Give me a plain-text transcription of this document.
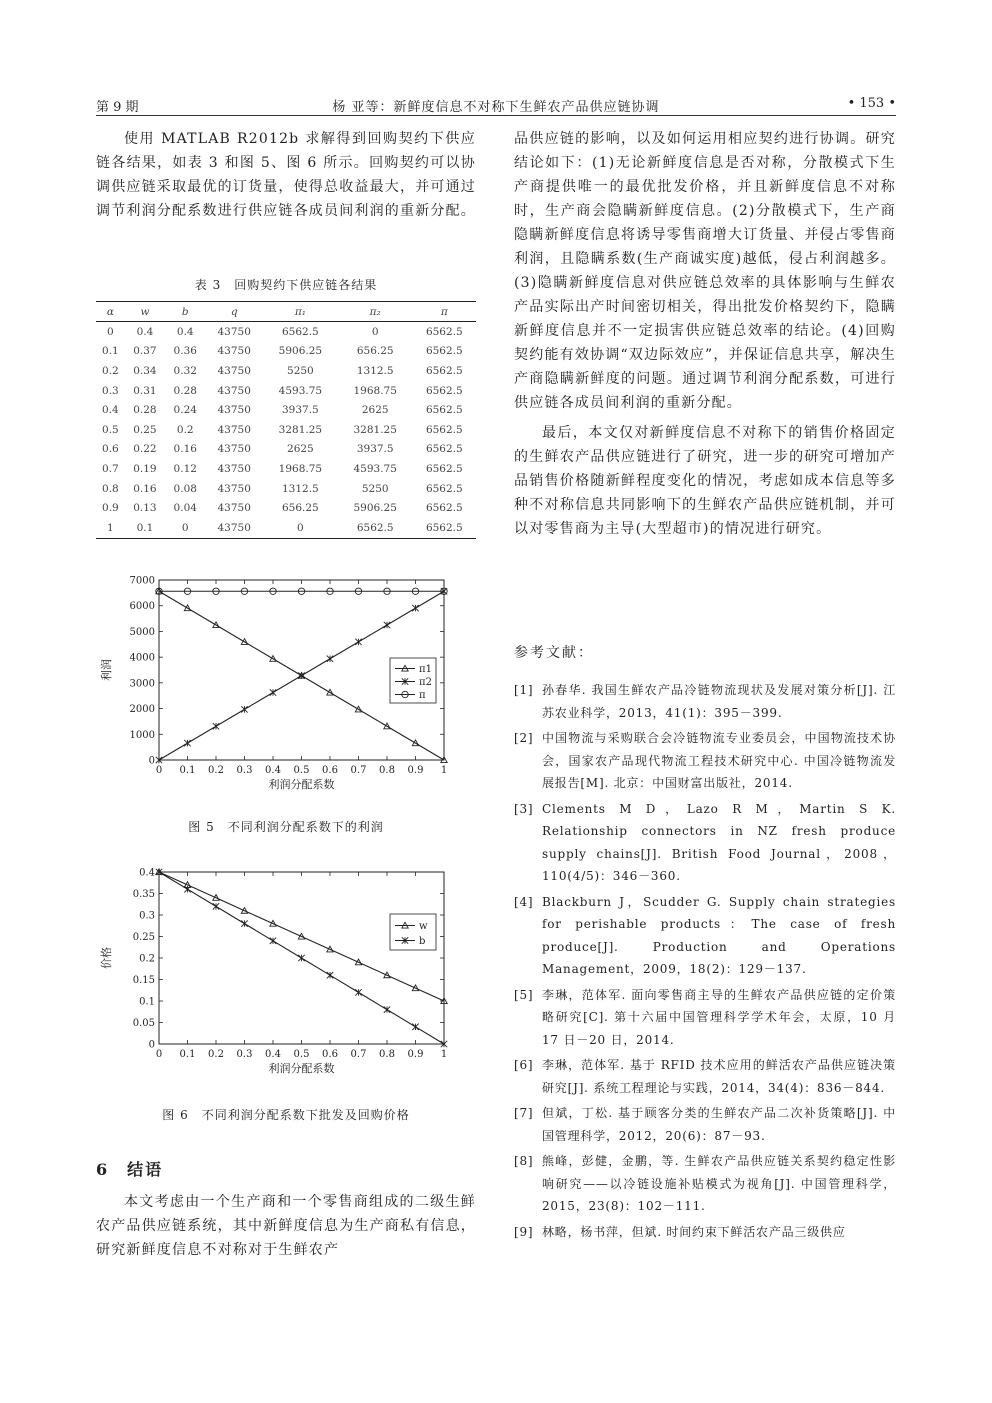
第 9 期	杨 亚等：新鲜度信息不对称下生鲜农产品供应链协调	• 153 •

使用 MATLAB R2012b 求解得到回购契约下供应链各结果，如表 3 和图 5、图 6 所示。回购契约可以协调供应链采取最优的订货量，使得总收益最大，并可通过调节利润分配系数进行供应链各成员间利润的重新分配。

表 3　回购契约下供应链各结果
α	w	b	q	π₁	π₂	π
0	0.4	0.4	43750	6562.5	0	6562.5
0.1	0.37	0.36	43750	5906.25	656.25	6562.5
0.2	0.34	0.32	43750	5250	1312.5	6562.5
0.3	0.31	0.28	43750	4593.75	1968.75	6562.5
0.4	0.28	0.24	43750	3937.5	2625	6562.5
0.5	0.25	0.2	43750	3281.25	3281.25	6562.5
0.6	0.22	0.16	43750	2625	3937.5	6562.5
0.7	0.19	0.12	43750	1968.75	4593.75	6562.5
0.8	0.16	0.08	43750	1312.5	5250	6562.5
0.9	0.13	0.04	43750	656.25	5906.25	6562.5
1	0.1	0	43750	0	6562.5	6562.5
0 0.1 0.2 0.3 0.4 0.5 0.6 0.7 0.8 0.9 1
0
1000
2000
3000
4000
5000
6000
7000
π1
π2
π
利润分配系数
利润
图 5　不同利润分配系数下的利润
0 0.1 0.2 0.3 0.4 0.5 0.6 0.7 0.8 0.9 1
0
0.05
0.1
0.15
0.2
0.25
0.3
0.35
0.4
w
b
利润分配系数
价格
图 6　不同利润分配系数下批发及回购价格
6　结语

本文考虑由一个生产商和一个零售商组成的二级生鲜农产品供应链系统，其中新鲜度信息为生产商私有信息，研究新鲜度信息不对称对于生鲜农产

品供应链的影响，以及如何运用相应契约进行协调。研究结论如下：(1)无论新鲜度信息是否对称，分散模式下生产商提供唯一的最优批发价格，并且新鲜度信息不对称时，生产商会隐瞒新鲜度信息。(2)分散模式下，生产商隐瞒新鲜度信息将诱导零售商增大订货量、并侵占零售商利润，且隐瞒系数(生产商诚实度)越低，侵占利润越多。(3)隐瞒新鲜度信息对供应链总效率的具体影响与生鲜农产品实际出产时间密切相关，得出批发价格契约下，隐瞒新鲜度信息并不一定损害供应链总效率的结论。(4)回购契约能有效协调“双边际效应”，并保证信息共享，解决生产商隐瞒新鲜度的问题。通过调节利润分配系数，可进行供应链各成员间利润的重新分配。

最后，本文仅对新鲜度信息不对称下的销售价格固定的生鲜农产品供应链进行了研究，进一步的研究可增加产品销售价格随新鲜程度变化的情况，考虑如成本信息等多种不对称信息共同影响下的生鲜农产品供应链机制，并可以对零售商为主导(大型超市)的情况进行研究。

参考文献：
[1] 孙春华. 我国生鲜农产品冷链物流现状及发展对策分析[J]. 江苏农业科学，2013，41(1)：395－399.
[2] 中国物流与采购联合会冷链物流专业委员会，中国物流技术协会，国家农产品现代物流工程技术研究中心. 中国冷链物流发展报告[M]. 北京：中国财富出版社，2014.
[3] Clements M D，Lazo R M，Martin S K. Relationship connectors in NZ fresh produce supply chains[J]. British Food Journal，2008，110(4/5)：346－360.
[4] Blackburn J，Scudder G. Supply chain strategies for perishable products：The case of fresh produce[J]. Production and Operations Management，2009，18(2)：129－137.
[5] 李琳，范体军. 面向零售商主导的生鲜农产品供应链的定价策略研究[C]. 第十六届中国管理科学学术年会，太原，10 月 17 日－20 日，2014.
[6] 李琳，范体军. 基于 RFID 技术应用的鲜活农产品供应链决策研究[J]. 系统工程理论与实践，2014，34(4)：836－844.
[7] 但斌，丁松. 基于顾客分类的生鲜农产品二次补货策略[J]. 中国管理科学，2012，20(6)：87－93.
[8] 熊峰，彭健，金鹏，等. 生鲜农产品供应链关系契约稳定性影响研究——以冷链设施补贴模式为视角[J]. 中国管理科学，2015，23(8)：102－111.
[9] 林略，杨书萍，但斌. 时间约束下鲜活农产品三级供应
